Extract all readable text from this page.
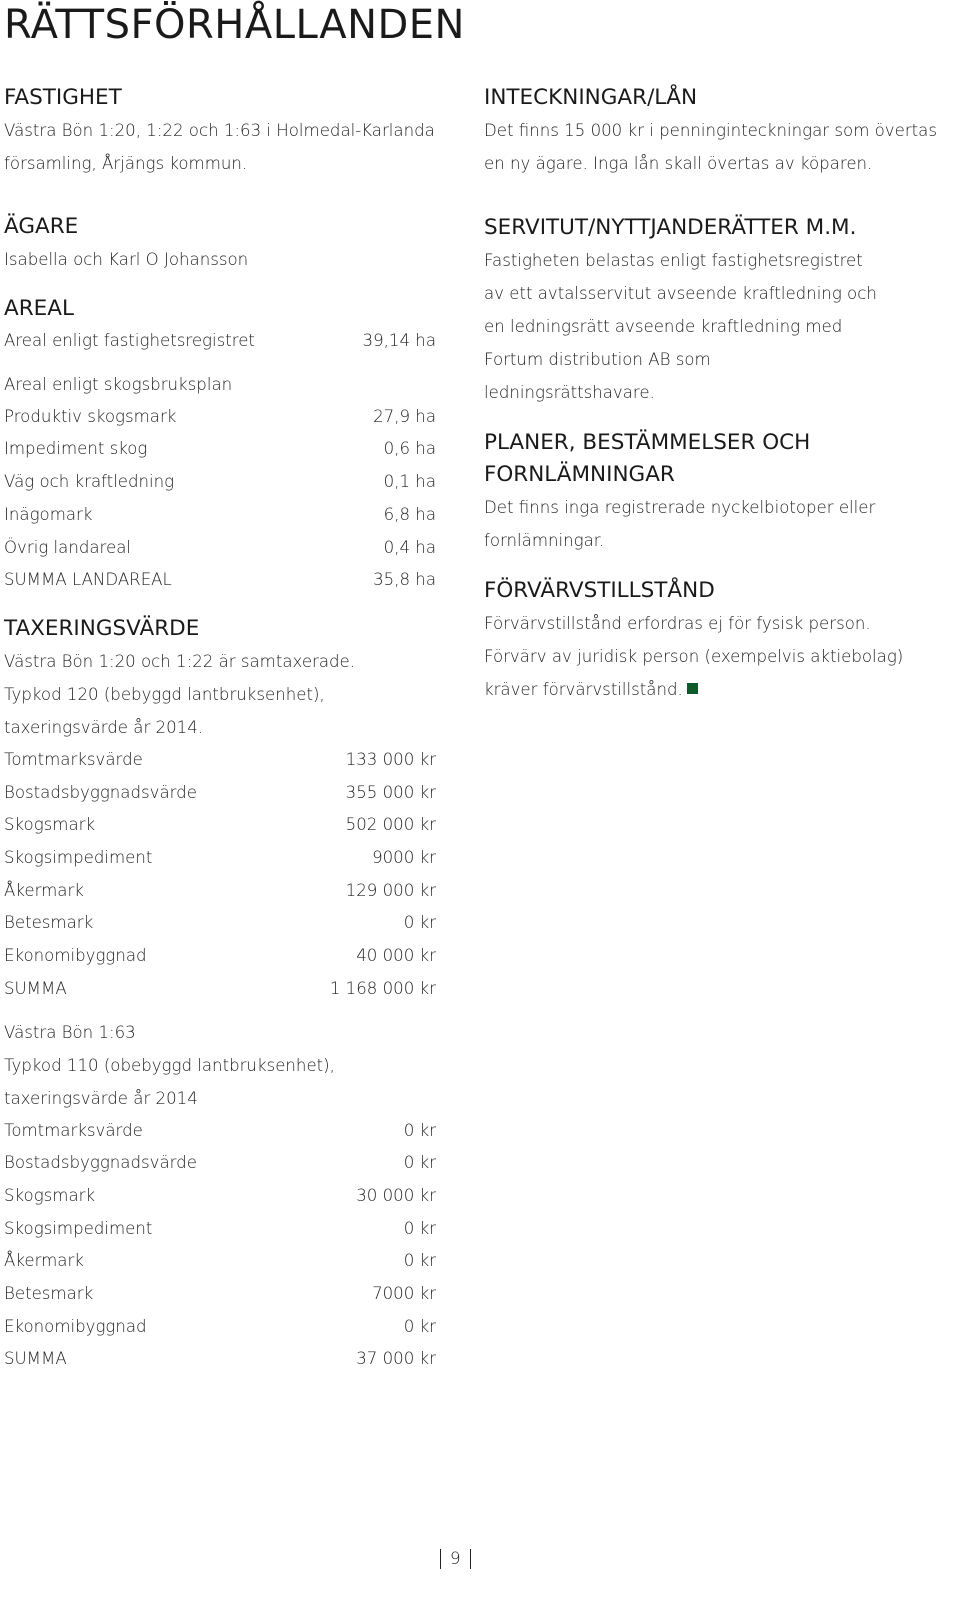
RÄTTSFÖRHÅLLANDEN
FASTIGHET
Västra Bön 1:20, 1:22 och 1:63 i Holmedal-Karlanda församling, Årjängs kommun.
ÄGARE
Isabella och Karl O Johansson
AREAL
Areal enligt fastighetsregistret	39,14 ha
Areal enligt skogsbruksplan
Produktiv skogsmark	27,9 ha
Impediment skog	0,6 ha
Väg och kraftledning	0,1 ha
Inägomark	6,8 ha
Övrig landareal	0,4 ha
SUMMA LANDAREAL	35,8 ha
TAXERINGSVÄRDE
Västra Bön 1:20 och 1:22 är samtaxerade.
Typkod 120 (bebyggd lantbruksenhet), taxeringsvärde år 2014.
Tomtmarksvärde	133 000 kr
Bostadsbyggnadsvärde	355 000 kr
Skogsmark	502 000 kr
Skogsimpediment	9000 kr
Åkermark	129 000 kr
Betesmark	0 kr
Ekonomibyggnad	40 000 kr
SUMMA	1 168 000 kr
Västra Bön 1:63
Typkod 110 (obebyggd lantbruksenhet), taxeringsvärde år 2014
Tomtmarksvärde	0 kr
Bostadsbyggnadsvärde	0 kr
Skogsmark	30 000 kr
Skogsimpediment	0 kr
Åkermark	0 kr
Betesmark	7000 kr
Ekonomibyggnad	0 kr
SUMMA	37 000 kr
INTECKNINGAR/LÅN
Det finns 15 000 kr i penninginteckningar som övertas en ny ägare. Inga lån skall övertas av köparen.
SERVITUT/NYTTJANDERÄTTER M.M.
Fastigheten belastas enligt fastighetsregistret av ett avtalsservitut avseende kraftledning och en ledningsrätt avseende kraftledning med Fortum distribution AB som ledningsrättshavare.
PLANER, BESTÄMMELSER OCH FORNLÄMNINGAR
Det finns inga registrerade nyckelbiotoper eller fornlämningar.
FÖRVÄRVSTILLSTÅND
Förvärvstillstånd erfordras ej för fysisk person.
Förvärv av juridisk person (exempelvis aktiebolag) kräver förvärvstillstånd.
9
